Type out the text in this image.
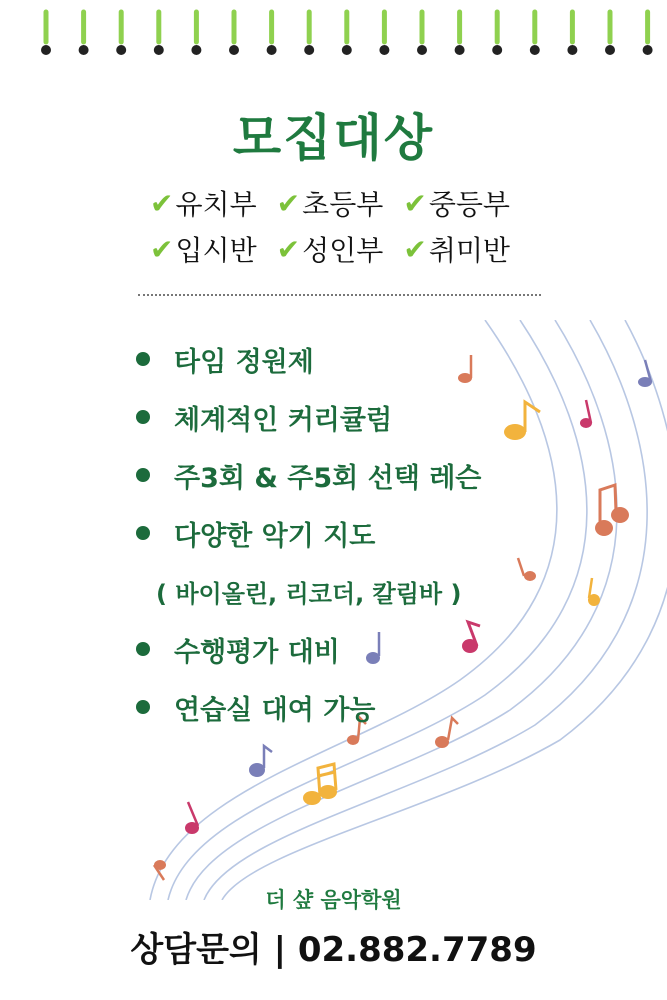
모집대상
✔ 유치부 ✔ 초등부 ✔ 중등부
✔ 입시반 ✔ 성인부 ✔ 취미반
타임 정원제
체계적인 커리큘럼
주3회 & 주5회 선택 레슨
다양한 악기 지도
( 바이올린, 리코더, 칼림바 )
수행평가 대비
연습실 대여 가능
더 샾 음악학원
상담문의 | 02.882.7789
